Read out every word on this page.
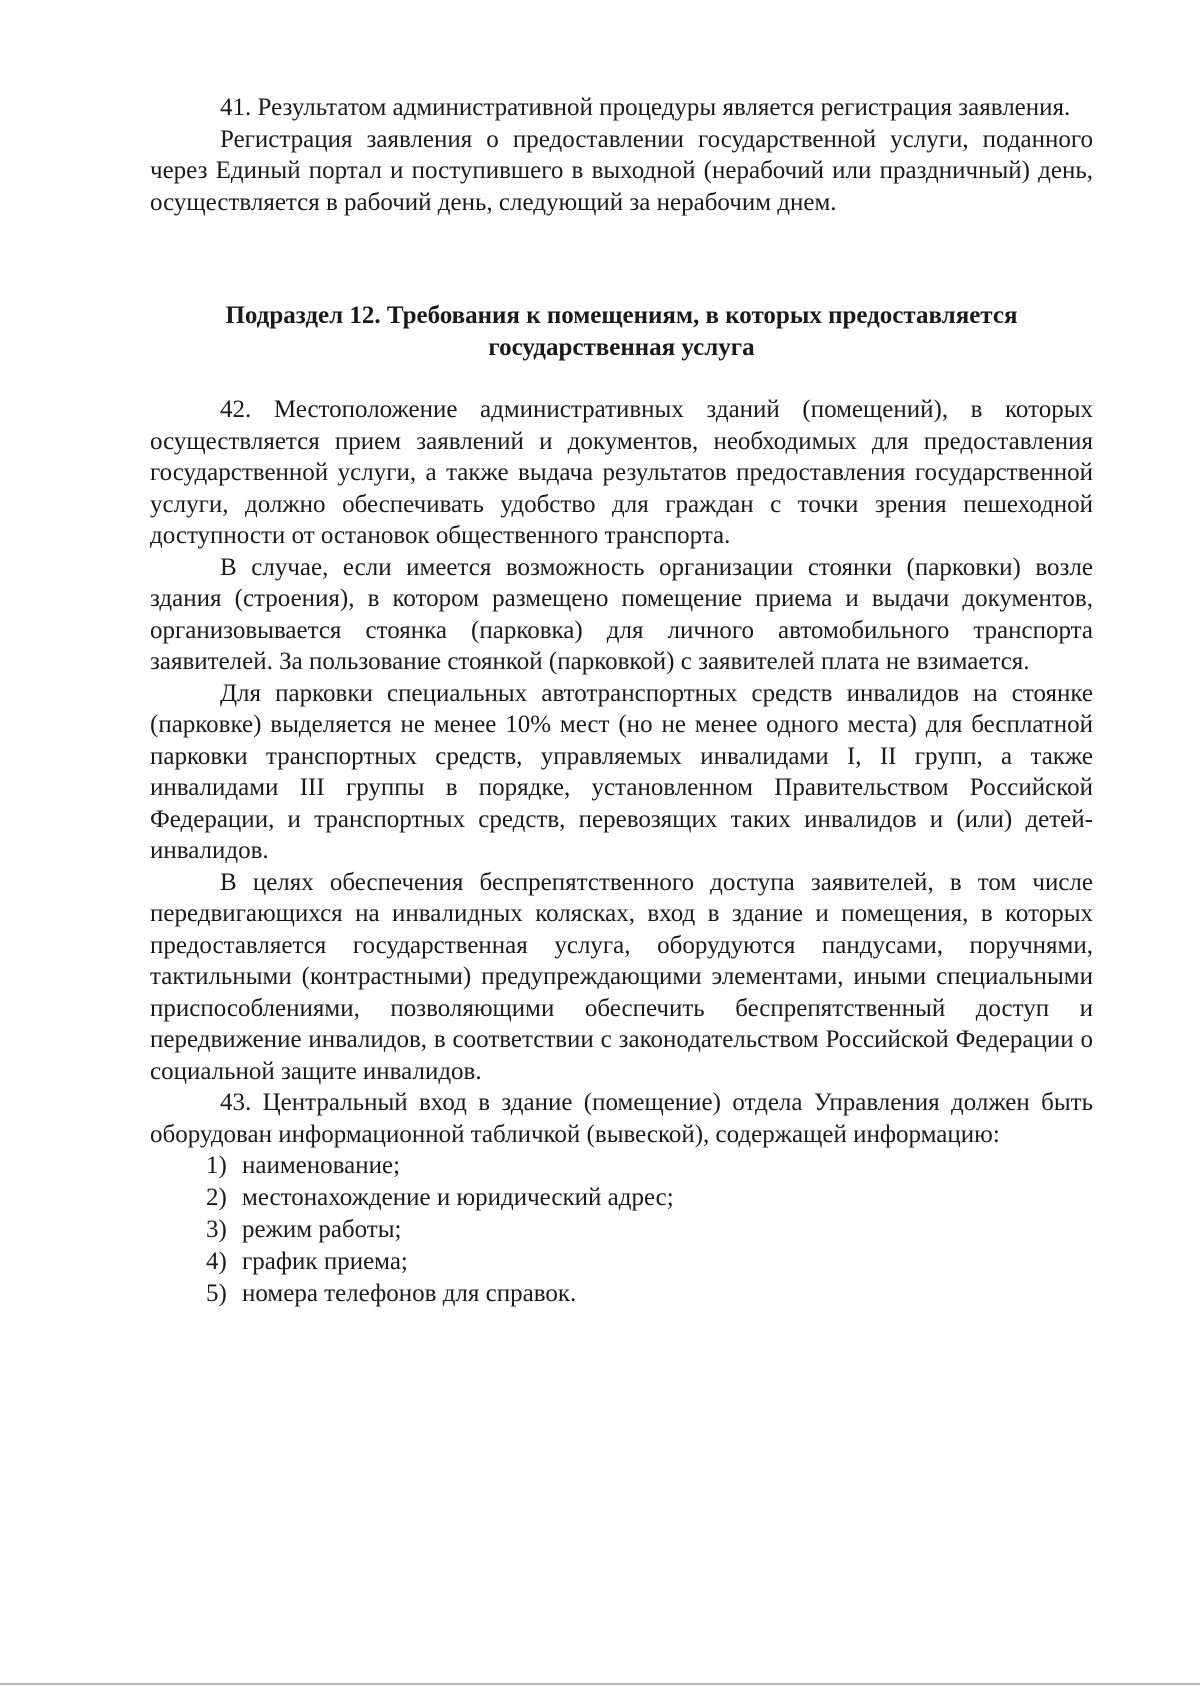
41. Результатом административной процедуры является регистрация заявления.

Регистрация заявления о предоставлении государственной услуги, поданного через Единый портал и поступившего в выходной (нерабочий или праздничный) день, осуществляется в рабочий день, следующий за нерабочим днем.

Подраздел 12. Требования к помещениям, в которых предоставляется государственная услуга

42. Местоположение административных зданий (помещений), в которых осуществляется прием заявлений и документов, необходимых для предоставления государственной услуги, а также выдача результатов предоставления государственной услуги, должно обеспечивать удобство для граждан с точки зрения пешеходной доступности от остановок общественного транспорта.

В случае, если имеется возможность организации стоянки (парковки) возле здания (строения), в котором размещено помещение приема и выдачи документов, организовывается стоянка (парковка) для личного автомобильного транспорта заявителей. За пользование стоянкой (парковкой) с заявителей плата не взимается.

Для парковки специальных автотранспортных средств инвалидов на стоянке (парковке) выделяется не менее 10% мест (но не менее одного места) для бесплатной парковки транспортных средств, управляемых инвалидами I, II групп, а также инвалидами III группы в порядке, установленном Правительством Российской Федерации, и транспортных средств, перевозящих таких инвалидов и (или) детей-инвалидов.

В целях обеспечения беспрепятственного доступа заявителей, в том числе передвигающихся на инвалидных колясках, вход в здание и помещения, в которых предоставляется государственная услуга, оборудуются пандусами, поручнями, тактильными (контрастными) предупреждающими элементами, иными специальными приспособлениями, позволяющими обеспечить беспрепятственный доступ и передвижение инвалидов, в соответствии с законодательством Российской Федерации о социальной защите инвалидов.

43. Центральный вход в здание (помещение) отдела Управления должен быть оборудован информационной табличкой (вывеской), содержащей информацию:

1) наименование;
2) местонахождение и юридический адрес;
3) режим работы;
4) график приема;
5) номера телефонов для справок.
